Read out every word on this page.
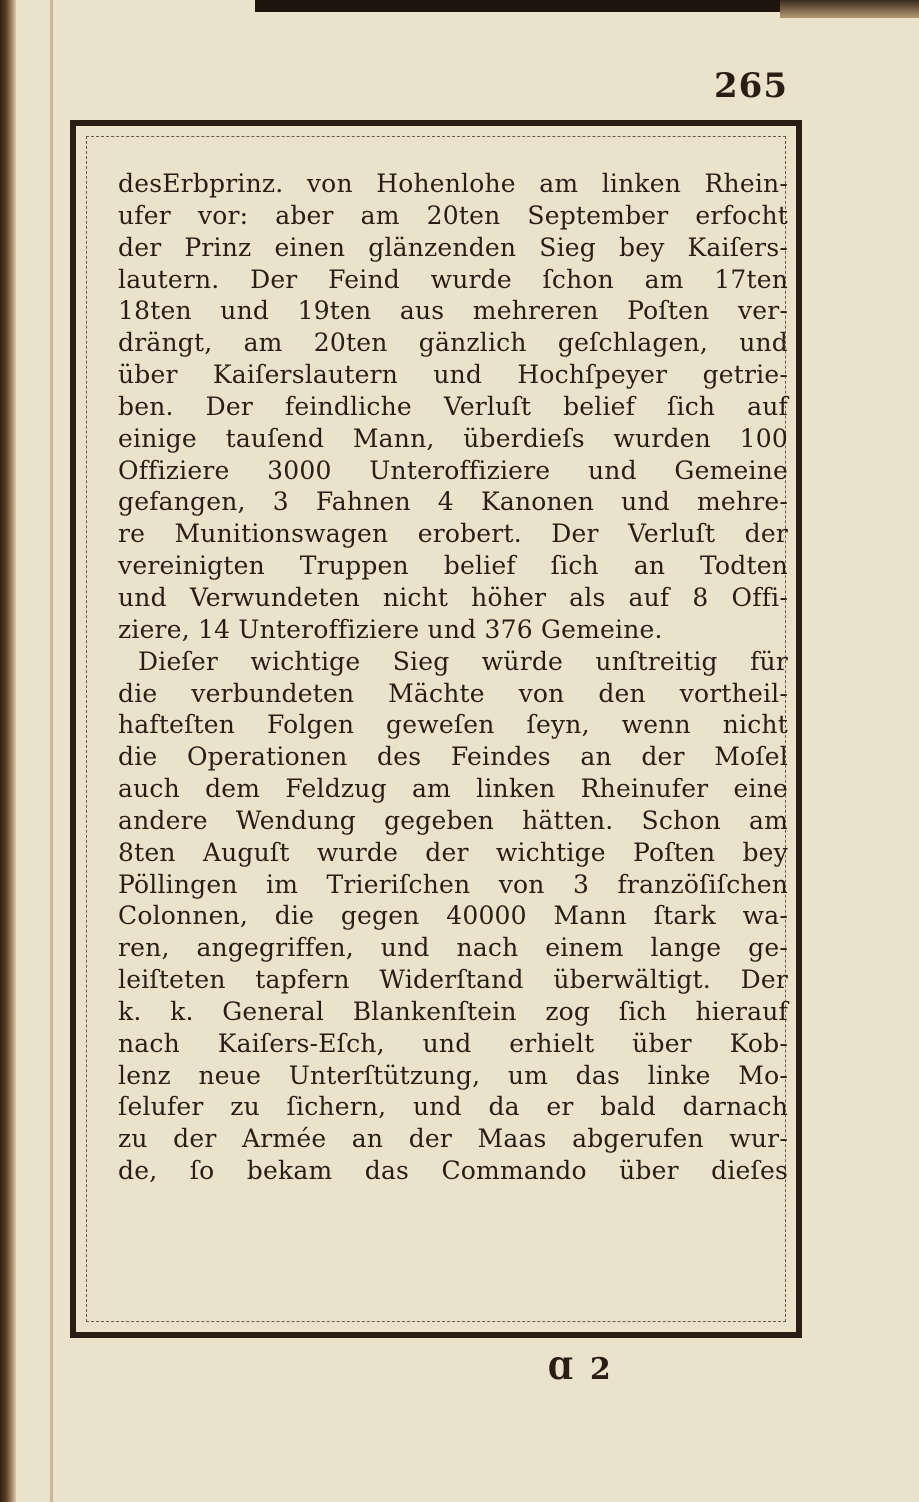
265
desErbprinz. von Hohenlohe am linken Rhein-
ufer vor: aber am 20ten September erfocht
der Prinz einen glänzenden Sieg bey Kaiſers-
lautern. Der Feind wurde ſchon am 17ten
18ten und 19ten aus mehreren Poſten ver-
drängt, am 20ten gänzlich geſchlagen, und
über Kaiſerslautern und Hochſpeyer getrie-
ben. Der feindliche Verluſt belief ſich auf
einige tauſend Mann, überdieſs wurden 100
Offiziere 3000 Unteroffiziere und Gemeine
gefangen, 3 Fahnen 4 Kanonen und mehre-
re Munitionswagen erobert. Der Verluſt der
vereinigten Truppen belief ſich an Todten
und Verwundeten nicht höher als auf 8 Offi-
ziere, 14 Unteroffiziere und 376 Gemeine.
Dieſer wichtige Sieg würde unſtreitig für
die verbundeten Mächte von den vortheil-
hafteſten Folgen geweſen ſeyn, wenn nicht
die Operationen des Feindes an der Moſel
auch dem Feldzug am linken Rheinufer eine
andere Wendung gegeben hätten. Schon am
8ten Auguſt wurde der wichtige Poſten bey
Pöllingen im Trieriſchen von 3 franzöſiſchen
Colonnen, die gegen 40000 Mann ſtark wa-
ren, angegriffen, und nach einem lange ge-
leiſteten tapfern Widerſtand überwältigt. Der
k. k. General Blankenſtein zog ſich hierauf
nach Kaiſers-Eſch, und erhielt über Kob-
lenz neue Unterſtützung, um das linke Mo-
ſelufer zu ſichern, und da er bald darnach
zu der Armée an der Maas abgerufen wur-
de, ſo bekam das Commando über dieſes
Ɑ 2
